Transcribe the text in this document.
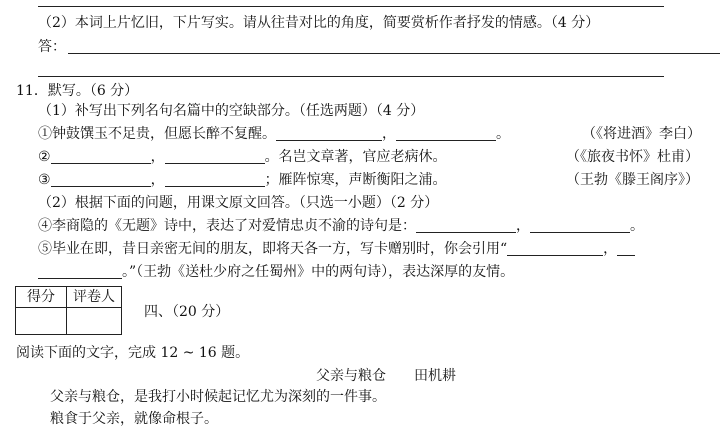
（2）本词上片忆旧，下片写实。请从往昔对比的角度，简要赏析作者抒发的情感。（4 分）
答：
11．默写。（6 分）
（1）补写出下列名句名篇中的空缺部分。（任选两题）（4 分）
①钟鼓馔玉不足贵，但愿长醉不复醒。	，	。	（《将进酒》李白）
②	，	。名岂文章著，官应老病休。	（《旅夜书怀》杜甫）
③	，	；雁阵惊寒，声断衡阳之浦。	（王勃《滕王阁序》）
（2）根据下面的问题，用课文原文回答。（只选一小题）（2 分）
④李商隐的《无题》诗中，表达了对爱情忠贞不渝的诗句是：	，	。
⑤毕业在即，昔日亲密无间的朋友，即将天各一方，写卡赠别时，你会引用“	，
。”（王勃《送杜少府之任蜀州》中的两句诗），表达深厚的友情。
得分	评卷人

四、（20 分）
阅读下面的文字，完成 12 ~ 16 题。
父亲与粮仓 田机耕
父亲与粮仓，是我打小时候起记忆尤为深刻的一件事。
粮食于父亲，就像命根子。
